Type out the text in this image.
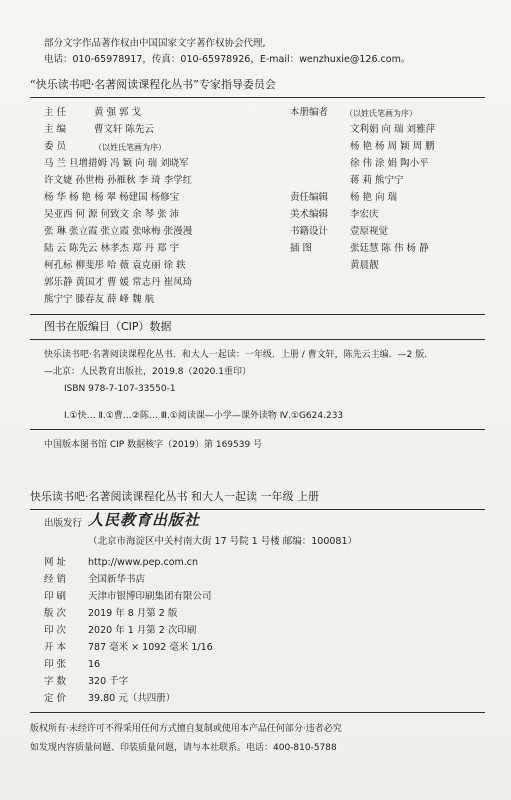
部分文字作品著作权由中国国家文字著作权协会代理,
电话：010-65978917，传真：010-65978926，E-mail：wenzhuxie@126.com。
“快乐读书吧·名著阅读课程化丛书”专家指导委员会
主 任	黄 强 郭 戈
主 编	曹文轩 陈先云
委 员	（以姓氏笔画为序）
马 兰 旦增措姆 冯 颖 向 瑞 刘晓军
许文婕 孙世梅 孙雁秋 李 琦 李学红
杨 华 杨 艳 杨 翠 杨建国 杨修宝
吴亚西 何 源 何致文 余 琴 张 沛
张 琳 张立霞 张立霞 张咏梅 张漫漫
陆 云 陈先云 林孝杰 郑 丹 郑 宇
柯孔标 柳斐彤 哈 薇 袁克丽 徐 轶
郭乐静 黄国才 曹 媛 常志丹 崔凤琦
熊宁宁 滕春友 薛 峰 魏 航
本册编者 （以姓氏笔画为序）
文利娟 向 瑞 刘雅萍
杨 艳 杨 周 颖 周 鹏
徐 伟 涂 娟 陶小平
蒋 莉 熊宁宁
责任编辑 杨 艳 向 瑞
美术编辑 李宏庆
书籍设计 壹原视觉
插 图	张廷慧 陈 伟 杨 静
黄晨靓
图书在版编目（CIP）数据
快乐读书吧·名著阅读课程化丛书．和大人一起读：一年级．上册 / 曹文轩，陈先云主编．—2 版．
—北京：人民教育出版社，2019.8（2020.1重印）
ISBN 978-7-107-33550-1
Ⅰ.①快… Ⅱ.①曹…②陈… Ⅲ.①阅读课—小学—课外读物 Ⅳ.①G624.233
中国版本图书馆 CIP 数据核字（2019）第 169539 号
快乐读书吧·名著阅读课程化丛书 和大人一起读 一年级 上册
出版发行 人民教育出版社
（北京市海淀区中关村南大街 17 号院 1 号楼 邮编：100081）
网 址 http://www.pep.com.cn
经 销 全国新华书店
印 刷 天津市银博印刷集团有限公司
版 次 2019 年 8 月第 2 版
印 次 2020 年 1 月第 2 次印刷
开 本 787 毫米 × 1092 毫米 1/16
印 张 16
字 数 320 千字
定 价 39.80 元（共四册）
版权所有·未经许可不得采用任何方式擅自复制或使用本产品任何部分·违者必究
如发现内容质量问题、印装质量问题，请与本社联系。电话：400-810-5788
